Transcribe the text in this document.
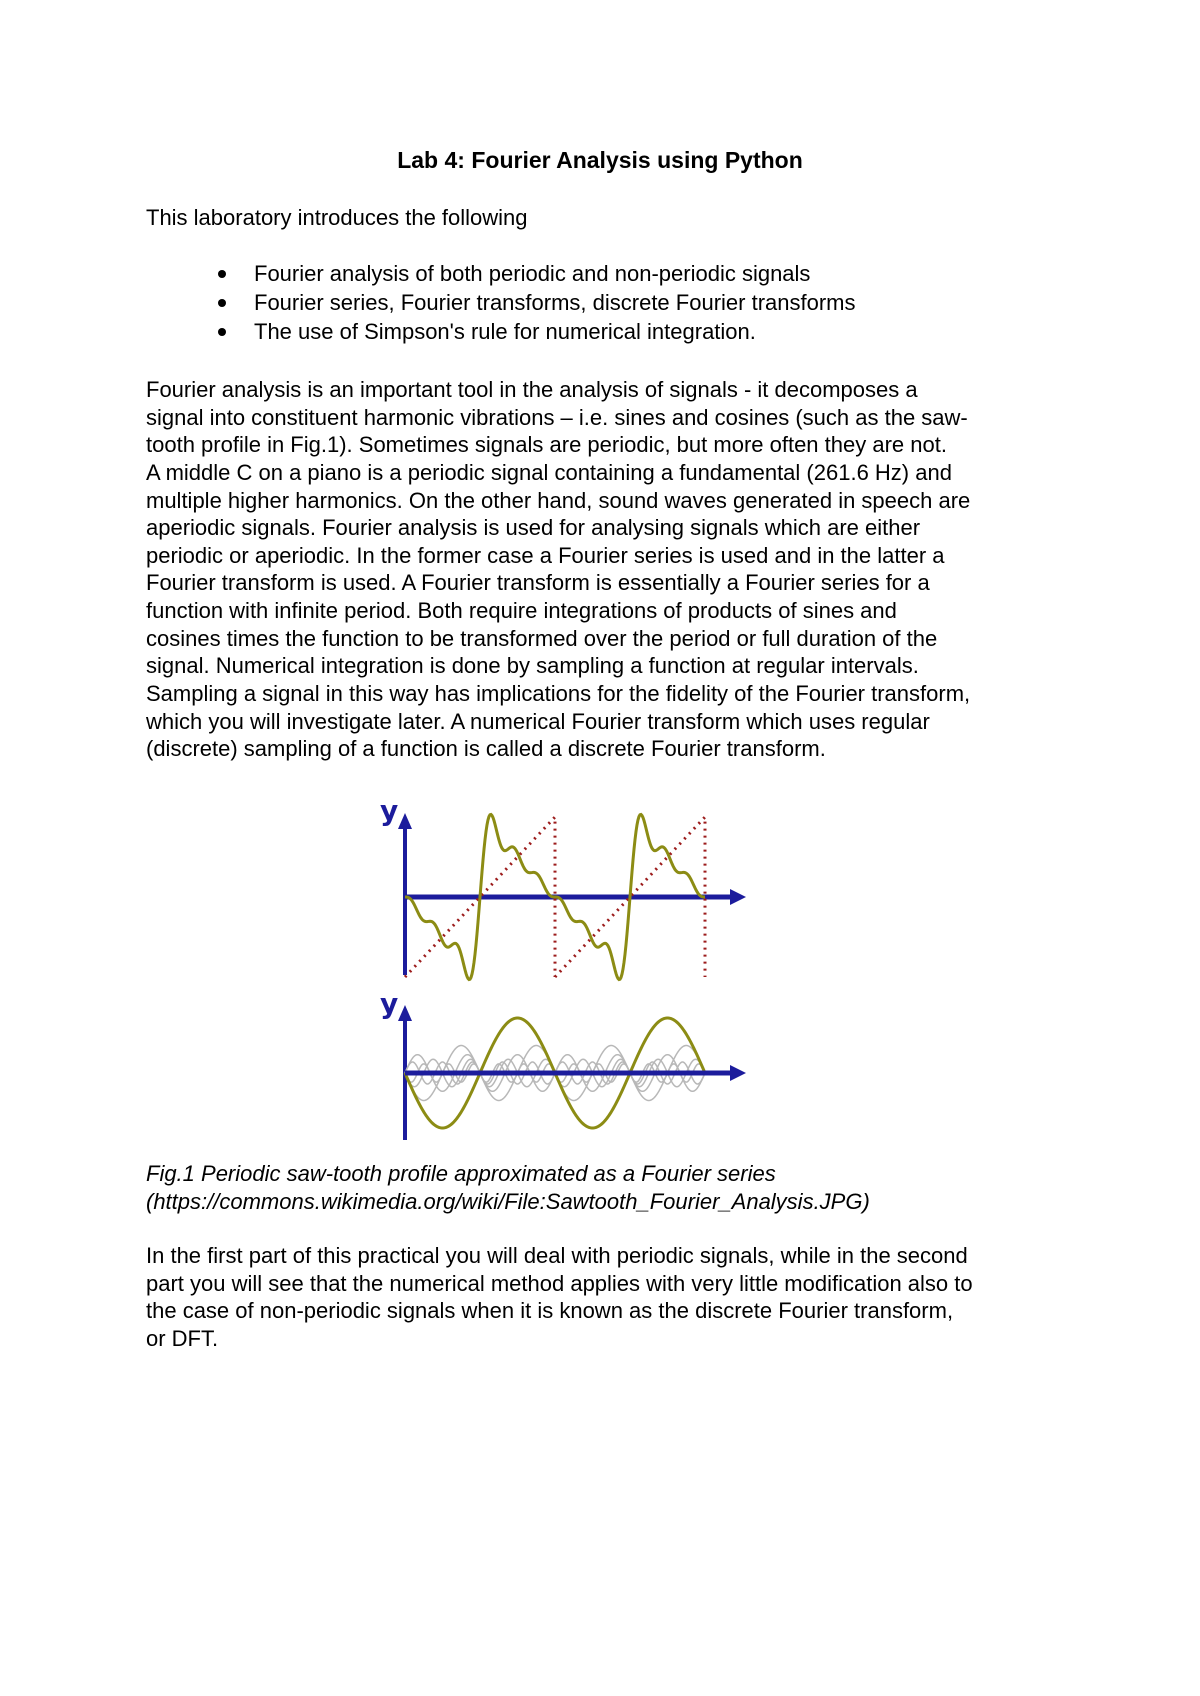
Lab 4: Fourier Analysis using Python
This laboratory introduces the following
Fourier analysis of both periodic and non-periodic signals
Fourier series, Fourier transforms, discrete Fourier transforms
The use of Simpson's rule for numerical integration.
Fourier analysis is an important tool in the analysis of signals - it decomposes a
signal into constituent harmonic vibrations – i.e. sines and cosines (such as the saw-
tooth profile in Fig.1). Sometimes signals are periodic, but more often they are not.
A middle C on a piano is a periodic signal containing a fundamental (261.6 Hz) and
multiple higher harmonics. On the other hand, sound waves generated in speech are
aperiodic signals. Fourier analysis is used for analysing signals which are either
periodic or aperiodic. In the former case a Fourier series is used and in the latter a
Fourier transform is used. A Fourier transform is essentially a Fourier series for a
function with infinite period. Both require integrations of products of sines and
cosines times the function to be transformed over the period or full duration of the
signal. Numerical integration is done by sampling a function at regular intervals.
Sampling a signal in this way has implications for the fidelity of the Fourier transform,
which you will investigate later. A numerical Fourier transform which uses regular
(discrete) sampling of a function is called a discrete Fourier transform.
y
y
Fig.1 Periodic saw-tooth profile approximated as a Fourier series
(https://commons.wikimedia.org/wiki/File:Sawtooth_Fourier_Analysis.JPG)
In the first part of this practical you will deal with periodic signals, while in the second
part you will see that the numerical method applies with very little modification also to
the case of non-periodic signals when it is known as the discrete Fourier transform,
or DFT.
